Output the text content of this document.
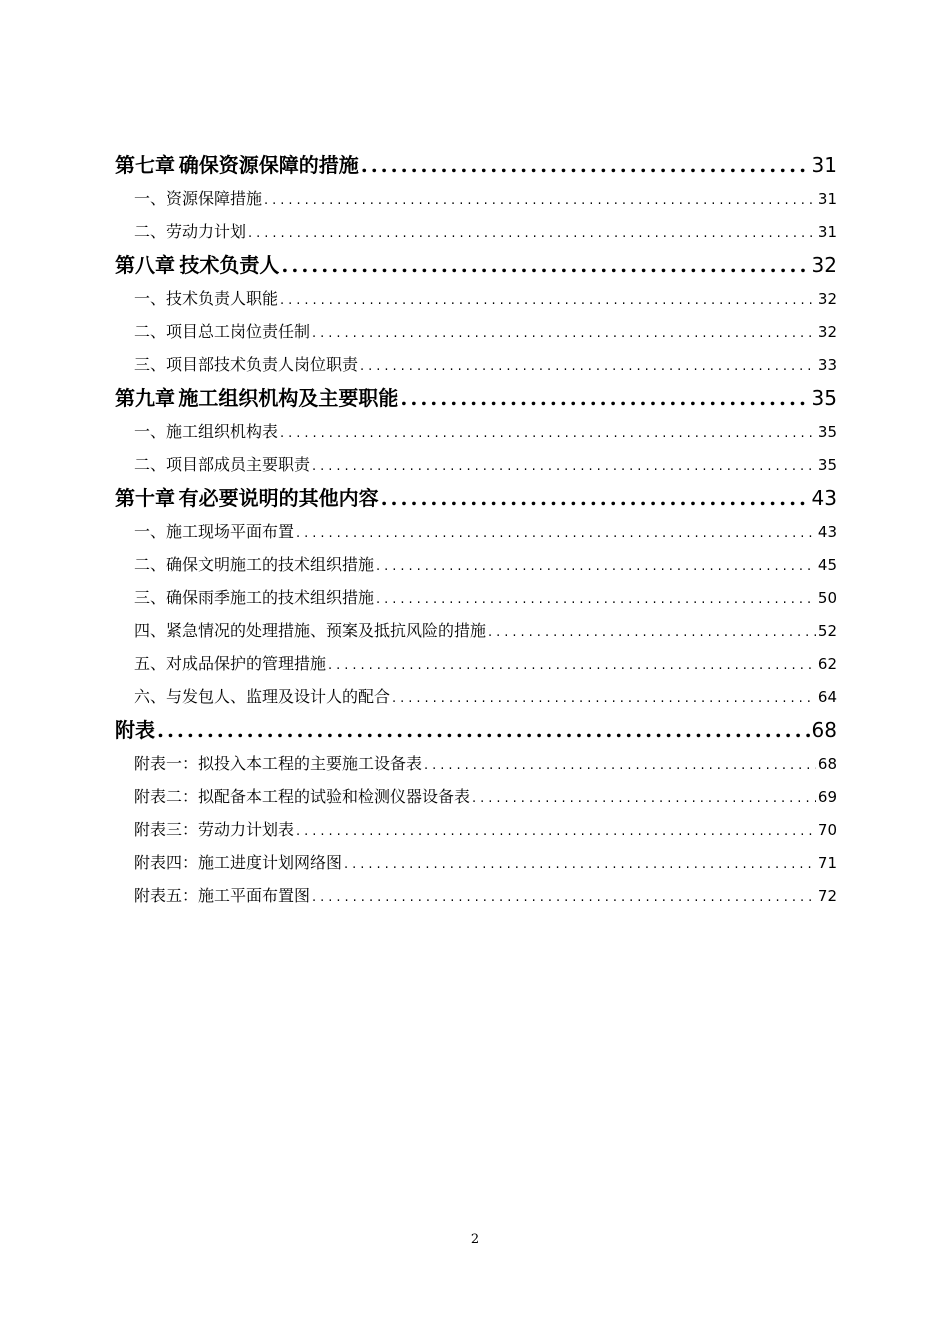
第七章 确保资源保障的措施 .....	31
一、资源保障措施 .....	31
二、劳动力计划 .....	31
第八章 技术负责人 .....	32
一、技术负责人职能 .....	32
二、项目总工岗位责任制 .....	32
三、项目部技术负责人岗位职责 .....	33
第九章 施工组织机构及主要职能 .....	35
一、施工组织机构表 .....	35
二、项目部成员主要职责 .....	35
第十章 有必要说明的其他内容 .....	43
一、施工现场平面布置 .....	43
二、确保文明施工的技术组织措施 .....	45
三、确保雨季施工的技术组织措施 .....	50
四、紧急情况的处理措施、预案及抵抗风险的措施 .....	52
五、对成品保护的管理措施 .....	62
六、与发包人、监理及设计人的配合 .....	64
附表 .....	68
附表一：拟投入本工程的主要施工设备表 .....	68
附表二：拟配备本工程的试验和检测仪器设备表 .....	69
附表三：劳动力计划表 .....	70
附表四：施工进度计划网络图 .....	71
附表五：施工平面布置图 .....	72
2
